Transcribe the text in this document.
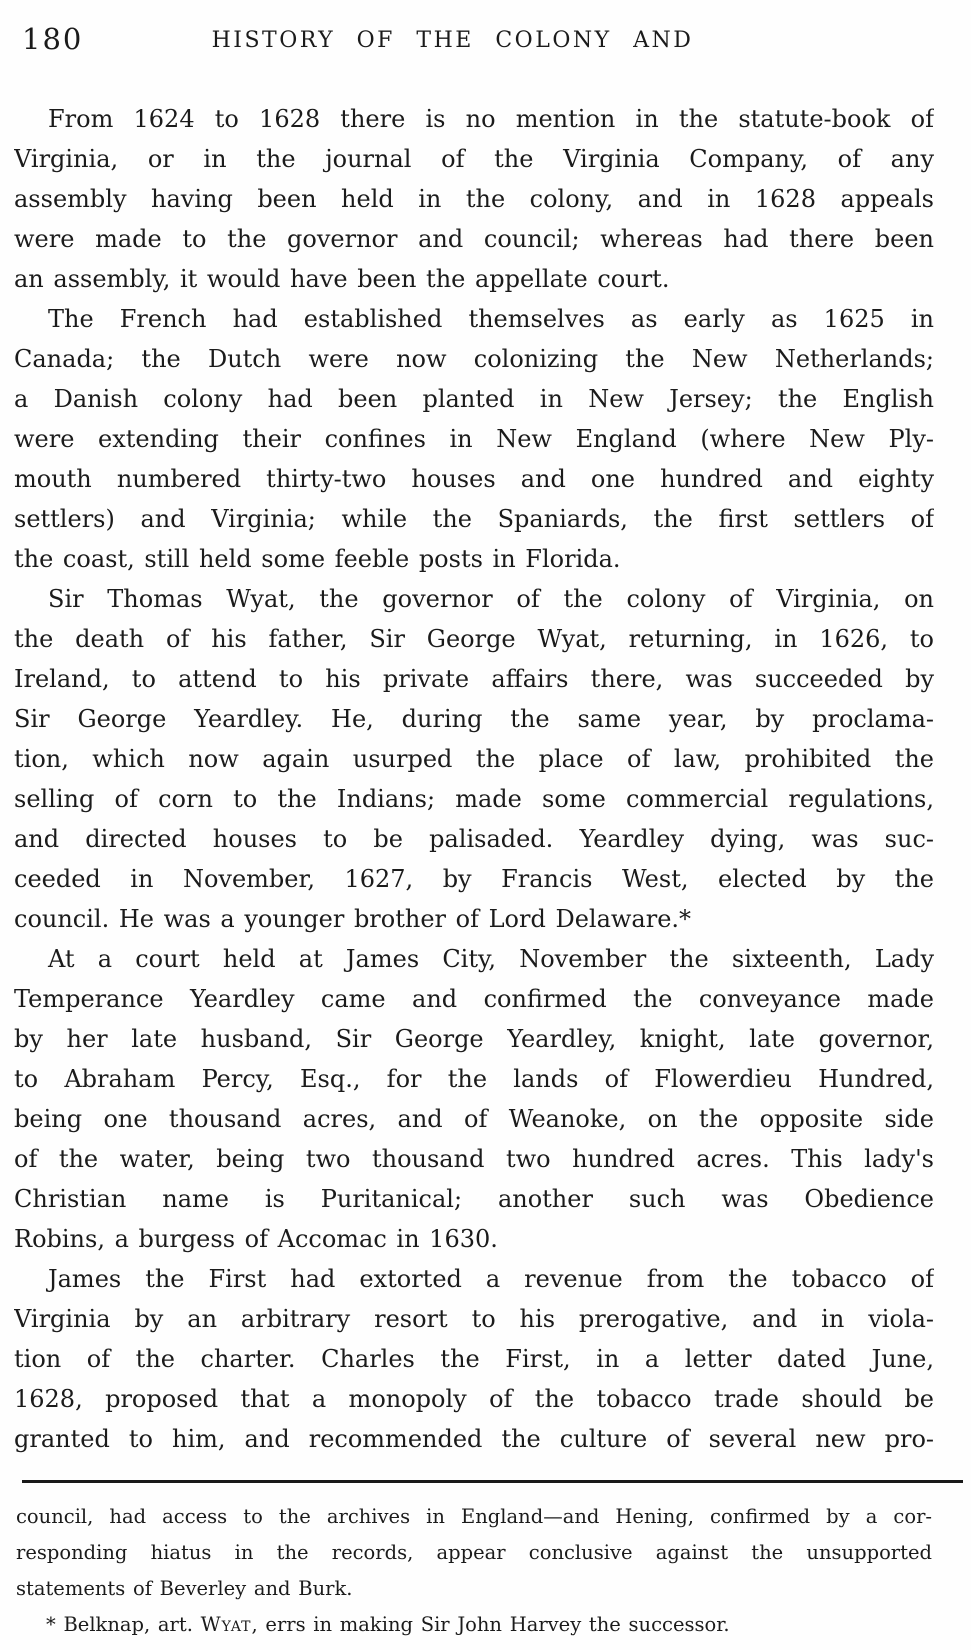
180	HISTORY OF THE COLONY AND
From 1624 to 1628 there is no mention in the statute-book of
Virginia, or in the journal of the Virginia Company, of any
assembly having been held in the colony, and in 1628 appeals
were made to the governor and council; whereas had there been
an assembly, it would have been the appellate court.
The French had established themselves as early as 1625 in
Canada; the Dutch were now colonizing the New Netherlands;
a Danish colony had been planted in New Jersey; the English
were extending their confines in New England (where New Ply-
mouth numbered thirty-two houses and one hundred and eighty
settlers) and Virginia; while the Spaniards, the first settlers of
the coast, still held some feeble posts in Florida.
Sir Thomas Wyat, the governor of the colony of Virginia, on
the death of his father, Sir George Wyat, returning, in 1626, to
Ireland, to attend to his private affairs there, was succeeded by
Sir George Yeardley. He, during the same year, by proclama-
tion, which now again usurped the place of law, prohibited the
selling of corn to the Indians; made some commercial regulations,
and directed houses to be palisaded. Yeardley dying, was suc-
ceeded in November, 1627, by Francis West, elected by the
council. He was a younger brother of Lord Delaware.*
At a court held at James City, November the sixteenth, Lady
Temperance Yeardley came and confirmed the conveyance made
by her late husband, Sir George Yeardley, knight, late governor,
to Abraham Percy, Esq., for the lands of Flowerdieu Hundred,
being one thousand acres, and of Weanoke, on the opposite side
of the water, being two thousand two hundred acres. This lady's
Christian name is Puritanical; another such was Obedience
Robins, a burgess of Accomac in 1630.
James the First had extorted a revenue from the tobacco of
Virginia by an arbitrary resort to his prerogative, and in viola-
tion of the charter. Charles the First, in a letter dated June,
1628, proposed that a monopoly of the tobacco trade should be
granted to him, and recommended the culture of several new pro-
council, had access to the archives in England—and Hening, confirmed by a cor-
responding hiatus in the records, appear conclusive against the unsupported
statements of Beverley and Burk.
* Belknap, art. Wyat, errs in making Sir John Harvey the successor.
